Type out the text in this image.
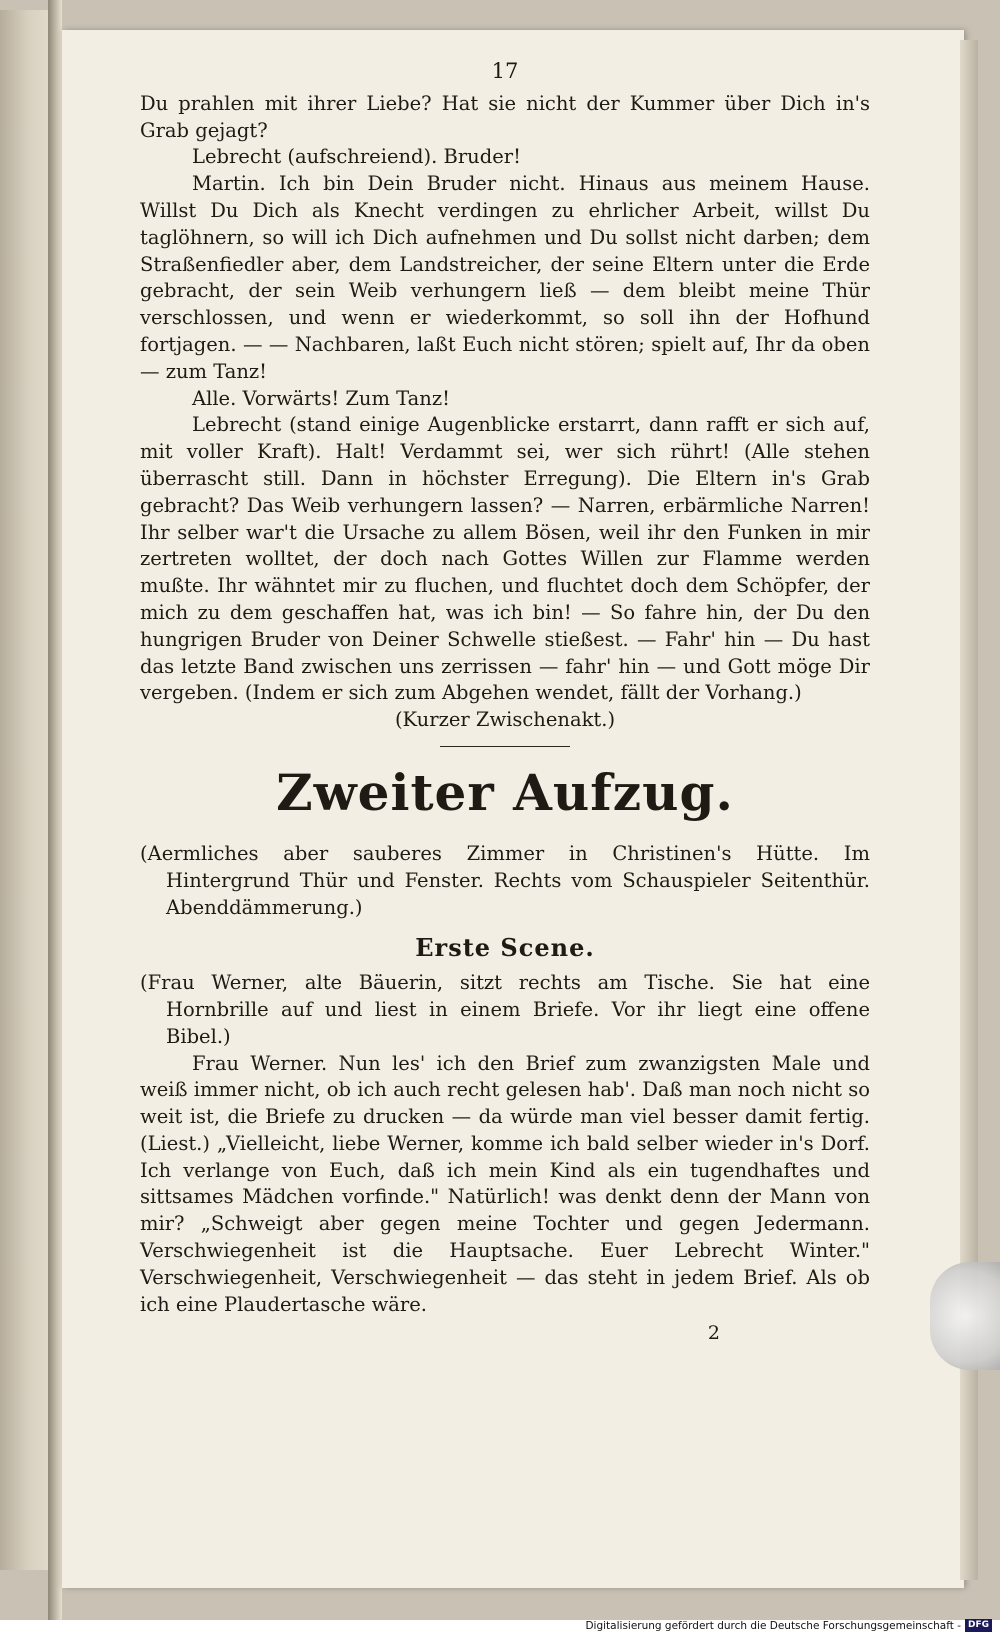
17

Du prahlen mit ihrer Liebe? Hat sie nicht der Kummer über Dich in's Grab gejagt?

Lebrecht (aufschreiend). Bruder!

Martin. Ich bin Dein Bruder nicht. Hinaus aus meinem Hause. Willst Du Dich als Knecht verdingen zu ehrlicher Arbeit, willst Du taglöhnern, so will ich Dich aufnehmen und Du sollst nicht darben; dem Straßenfiedler aber, dem Landstreicher, der seine Eltern unter die Erde gebracht, der sein Weib verhungern ließ — dem bleibt meine Thür verschlossen, und wenn er wiederkommt, so soll ihn der Hofhund fortjagen. — — Nachbaren, laßt Euch nicht stören; spielt auf, Ihr da oben — zum Tanz!

Alle. Vorwärts! Zum Tanz!

Lebrecht (stand einige Augenblicke erstarrt, dann rafft er sich auf, mit voller Kraft). Halt! Verdammt sei, wer sich rührt! (Alle stehen überrascht still. Dann in höchster Erregung). Die Eltern in's Grab gebracht? Das Weib verhungern lassen? — Narren, erbärmliche Narren! Ihr selber war't die Ursache zu allem Bösen, weil ihr den Funken in mir zertreten wolltet, der doch nach Gottes Willen zur Flamme werden mußte. Ihr wähntet mir zu fluchen, und fluchtet doch dem Schöpfer, der mich zu dem geschaffen hat, was ich bin! — So fahre hin, der Du den hungrigen Bruder von Deiner Schwelle stießest. — Fahr' hin — Du hast das letzte Band zwischen uns zerrissen — fahr' hin — und Gott möge Dir vergeben. (Indem er sich zum Abgehen wendet, fällt der Vorhang.)

(Kurzer Zwischenakt.)

Zweiter Aufzug.

(Aermliches aber sauberes Zimmer in Christinen's Hütte. Im Hintergrund Thür und Fenster. Rechts vom Schauspieler Seitenthür. Abenddämmerung.)

Erste Scene.

(Frau Werner, alte Bäuerin, sitzt rechts am Tische. Sie hat eine Hornbrille auf und liest in einem Briefe. Vor ihr liegt eine offene Bibel.)

Frau Werner. Nun les' ich den Brief zum zwanzigsten Male und weiß immer nicht, ob ich auch recht gelesen hab'. Daß man noch nicht so weit ist, die Briefe zu drucken — da würde man viel besser damit fertig. (Liest.) „Vielleicht, liebe Werner, komme ich bald selber wieder in's Dorf. Ich verlange von Euch, daß ich mein Kind als ein tugendhaftes und sittsames Mädchen vorfinde." Natürlich! was denkt denn der Mann von mir? „Schweigt aber gegen meine Tochter und gegen Jedermann. Verschwiegenheit ist die Hauptsache. Euer Lebrecht Winter." Verschwiegenheit, Verschwiegenheit — das steht in jedem Brief. Als ob ich eine Plaudertasche wäre.

2
Digitalisierung gefördert durch die Deutsche Forschungsgemeinschaft - DFG
